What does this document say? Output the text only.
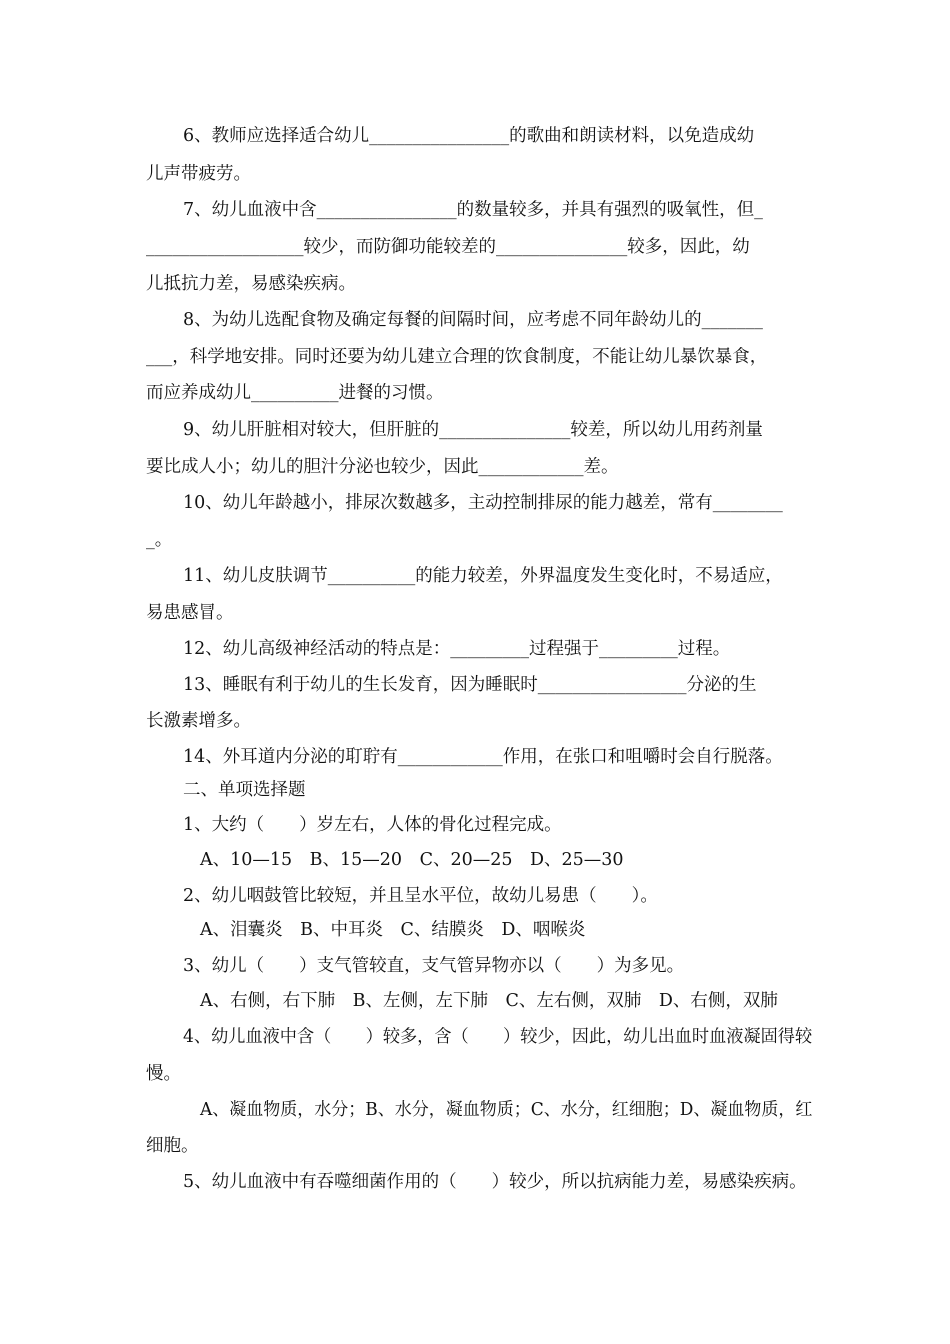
6、教师应选择适合幼儿________________的歌曲和朗读材料，以免造成幼
儿声带疲劳。
7、幼儿血液中含________________的数量较多，并具有强烈的吸氧性，但_
__________________较少，而防御功能较差的_______________较多，因此，幼
儿抵抗力差，易感染疾病。
8、为幼儿选配食物及确定每餐的间隔时间，应考虑不同年龄幼儿的_______
___，科学地安排。同时还要为幼儿建立合理的饮食制度，不能让幼儿暴饮暴食，
而应养成幼儿__________进餐的习惯。
9、幼儿肝脏相对较大，但肝脏的_______________较差，所以幼儿用药剂量
要比成人小；幼儿的胆汁分泌也较少，因此____________差。
10、幼儿年龄越小，排尿次数越多，主动控制排尿的能力越差，常有________
_。
11、幼儿皮肤调节__________的能力较差，外界温度发生变化时，不易适应，
易患感冒。
12、幼儿高级神经活动的特点是：_________过程强于_________过程。
13、睡眠有利于幼儿的生长发育，因为睡眠时_________________分泌的生
长激素增多。
14、外耳道内分泌的耵聍有____________作用，在张口和咀嚼时会自行脱落。
二、单项选择题
1、大约（　　）岁左右，人体的骨化过程完成。
A、10—15　B、15—20　C、20—25　D、25—30
2、幼儿咽鼓管比较短，并且呈水平位，故幼儿易患（　　）。
A、泪囊炎　B、中耳炎　C、结膜炎　D、咽喉炎
3、幼儿（　　）支气管较直，支气管异物亦以（　　）为多见。
A、右侧，右下肺　B、左侧，左下肺　C、左右侧，双肺　D、右侧，双肺
4、幼儿血液中含（　　）较多，含（　　）较少，因此，幼儿出血时血液凝固得较
慢。
A、凝血物质，水分；B、水分，凝血物质；C、水分，红细胞；D、凝血物质，红
细胞。
5、幼儿血液中有吞噬细菌作用的（　　）较少，所以抗病能力差，易感染疾病。
